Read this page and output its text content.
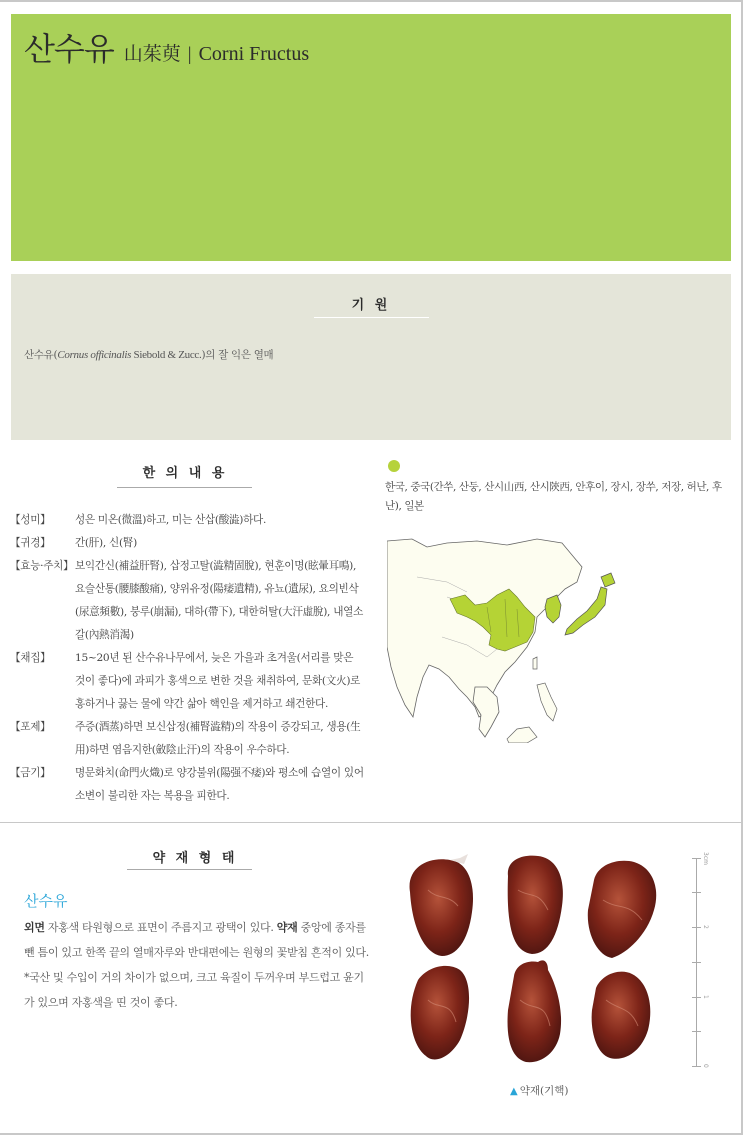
산수유 山茱萸 | Corni Fructus
기 원
산수유(Cornus officinalis Siebold & Zucc.)의 잘 익은 열매
한 의 내 용
【성미】	성은 미온(微溫)하고, 미는 산삽(酸澁)하다.
【귀경】	간(肝), 신(腎)
【효능·주치】 보익간신(補益肝腎), 삽정고탈(澁精固脫), 현훈이명(眩暈耳鳴), 요슬산통(腰膝酸痛), 양위유정(陽痿遺精), 유뇨(遺尿), 요의빈삭(尿意頻數), 붕루(崩漏), 대하(帶下), 대한허탈(大汗虛脫), 내열소갈(內熱消渴)
【채집】	15~20년 된 산수유나무에서, 늦은 가을과 초겨울(서리를 맞은 것이 좋다)에 과피가 홍색으로 변한 것을 채취하여, 문화(文火)로 홍하거나 끓는 물에 약간 삶아 핵인을 제거하고 쇄건한다.
【포제】	주증(酒蒸)하면 보신삽정(補腎澁精)의 작용이 증강되고, 생용(生用)하면 염음지한(斂陰止汗)의 작용이 우수하다.
【금기】	명문화치(命門火熾)로 양강불위(陽强不痿)와 평소에 습열이 있어 소변이 불리한 자는 복용을 피한다.
한국, 중국(간쑤, 산둥, 산시山西, 산시陝西, 안후이, 장시, 장쑤, 저장, 허난, 후난), 일본
약 재 형 태
산수유
외면 자홍색 타원형으로 표면이 주름지고 광택이 있다. 약재 중앙에 종자를 뺀 틈이 있고 한쪽 끝의 열매자루와 반대편에는 원형의 꽃받침 흔적이 있다.
*국산 및 수입이 거의 차이가 없으며, 크고 육질이 두꺼우며 부드럽고 윤기가 있으며 자홍색을 띤 것이 좋다.
3cm
2
1
0
▲ 약재(기핵)
